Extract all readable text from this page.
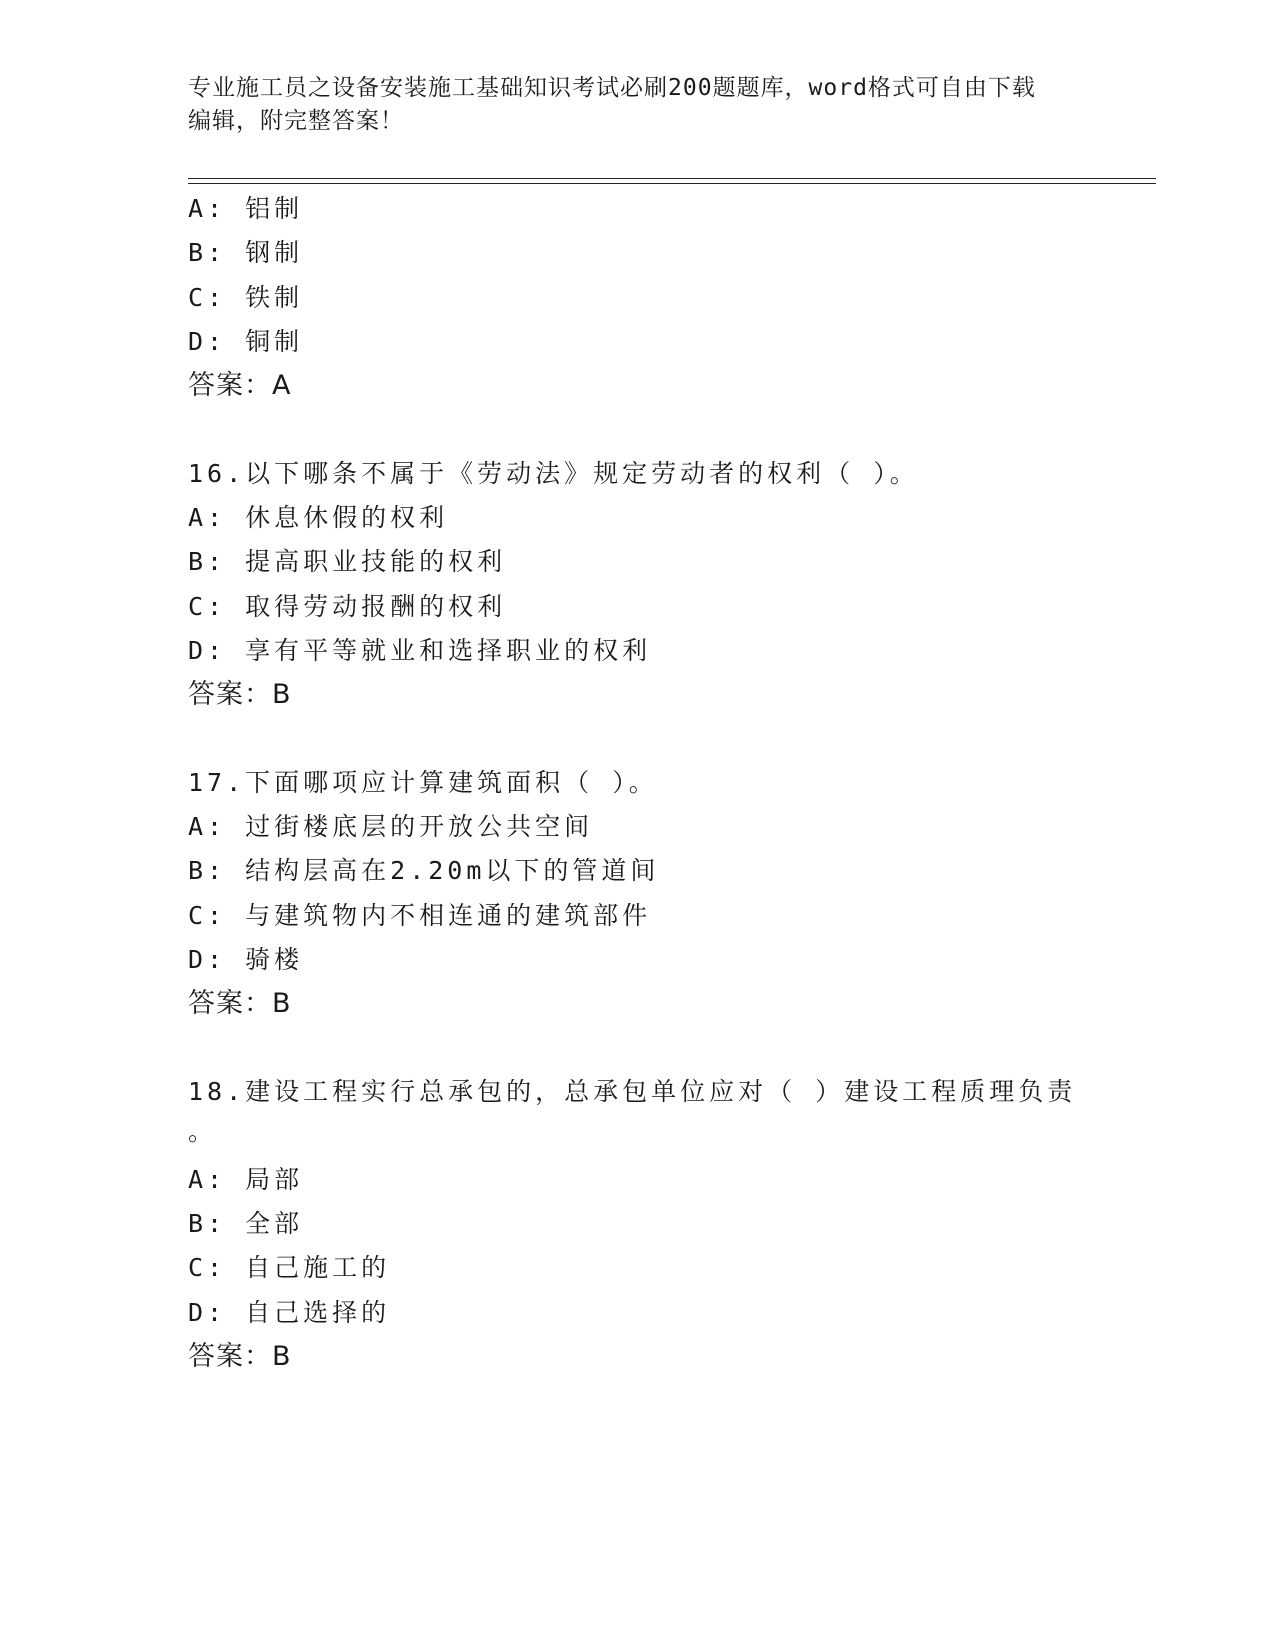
专业施工员之设备安装施工基础知识考试必刷200题题库，word格式可自由下载
编辑，附完整答案！
A: 铝制
B: 钢制
C: 铁制
D: 铜制
答案：A
16.以下哪条不属于《劳动法》规定劳动者的权利（ ）。
A: 休息休假的权利
B: 提高职业技能的权利
C: 取得劳动报酬的权利
D: 享有平等就业和选择职业的权利
答案：B
17.下面哪项应计算建筑面积（ ）。
A: 过街楼底层的开放公共空间
B: 结构层高在2.20m以下的管道间
C: 与建筑物内不相连通的建筑部件
D: 骑楼
答案：B
18.建设工程实行总承包的，总承包单位应对（ ）建设工程质理负责
。
A: 局部
B: 全部
C: 自己施工的
D: 自己选择的
答案：B
